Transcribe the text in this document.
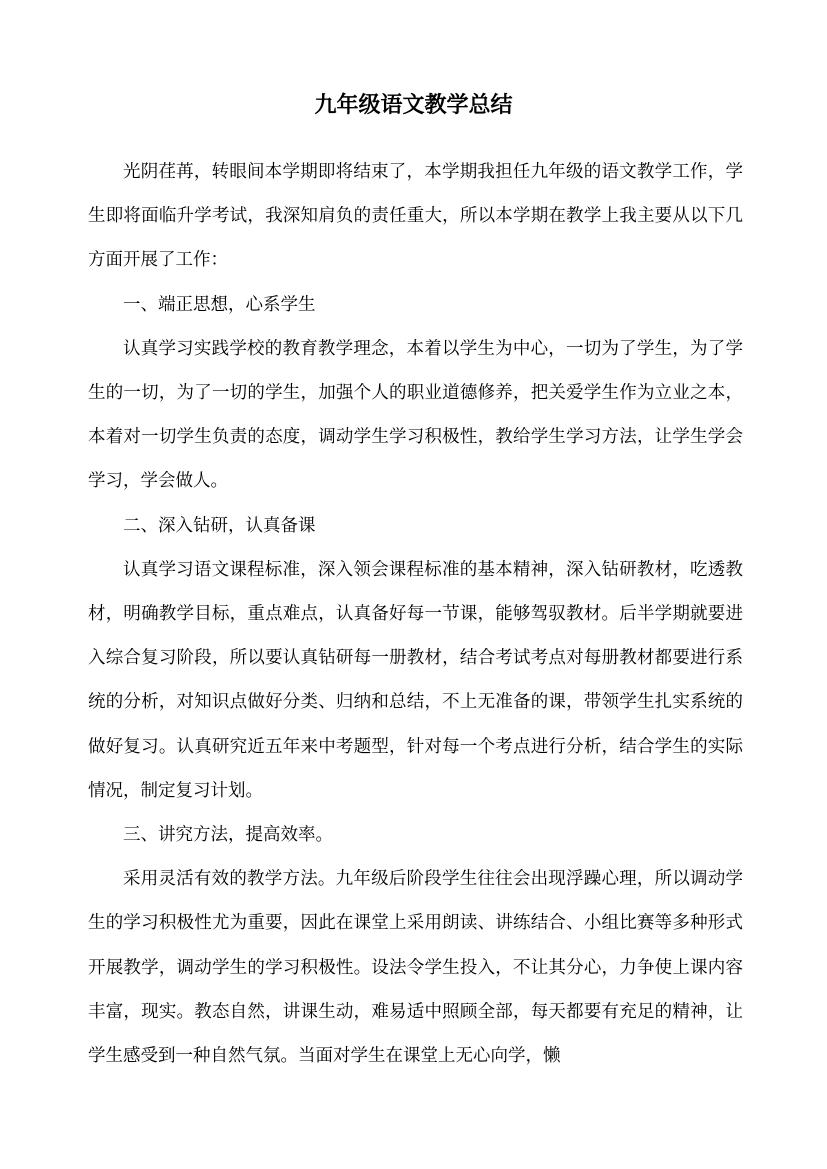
九年级语文教学总结

光阴荏苒，转眼间本学期即将结束了，本学期我担任九年级的语文教学工作，学生即将面临升学考试，我深知肩负的责任重大，所以本学期在教学上我主要从以下几方面开展了工作：

一、端正思想，心系学生

认真学习实践学校的教育教学理念，本着以学生为中心，一切为了学生，为了学生的一切，为了一切的学生，加强个人的职业道德修养，把关爱学生作为立业之本，本着对一切学生负责的态度，调动学生学习积极性，教给学生学习方法，让学生学会学习，学会做人。

二、深入钻研，认真备课

认真学习语文课程标准，深入领会课程标准的基本精神，深入钻研教材，吃透教材，明确教学目标，重点难点，认真备好每一节课，能够驾驭教材。后半学期就要进入综合复习阶段，所以要认真钻研每一册教材，结合考试考点对每册教材都要进行系统的分析，对知识点做好分类、归纳和总结，不上无准备的课，带领学生扎实系统的做好复习。认真研究近五年来中考题型，针对每一个考点进行分析，结合学生的实际情况，制定复习计划。

三、讲究方法，提高效率。

采用灵活有效的教学方法。九年级后阶段学生往往会出现浮躁心理，所以调动学生的学习积极性尤为重要，因此在课堂上采用朗读、讲练结合、小组比赛等多种形式开展教学，调动学生的学习积极性。设法令学生投入，不让其分心，力争使上课内容丰富，现实。教态自然，讲课生动，难易适中照顾全部，每天都要有充足的精神，让学生感受到一种自然气氛。当面对学生在课堂上无心向学，懒
